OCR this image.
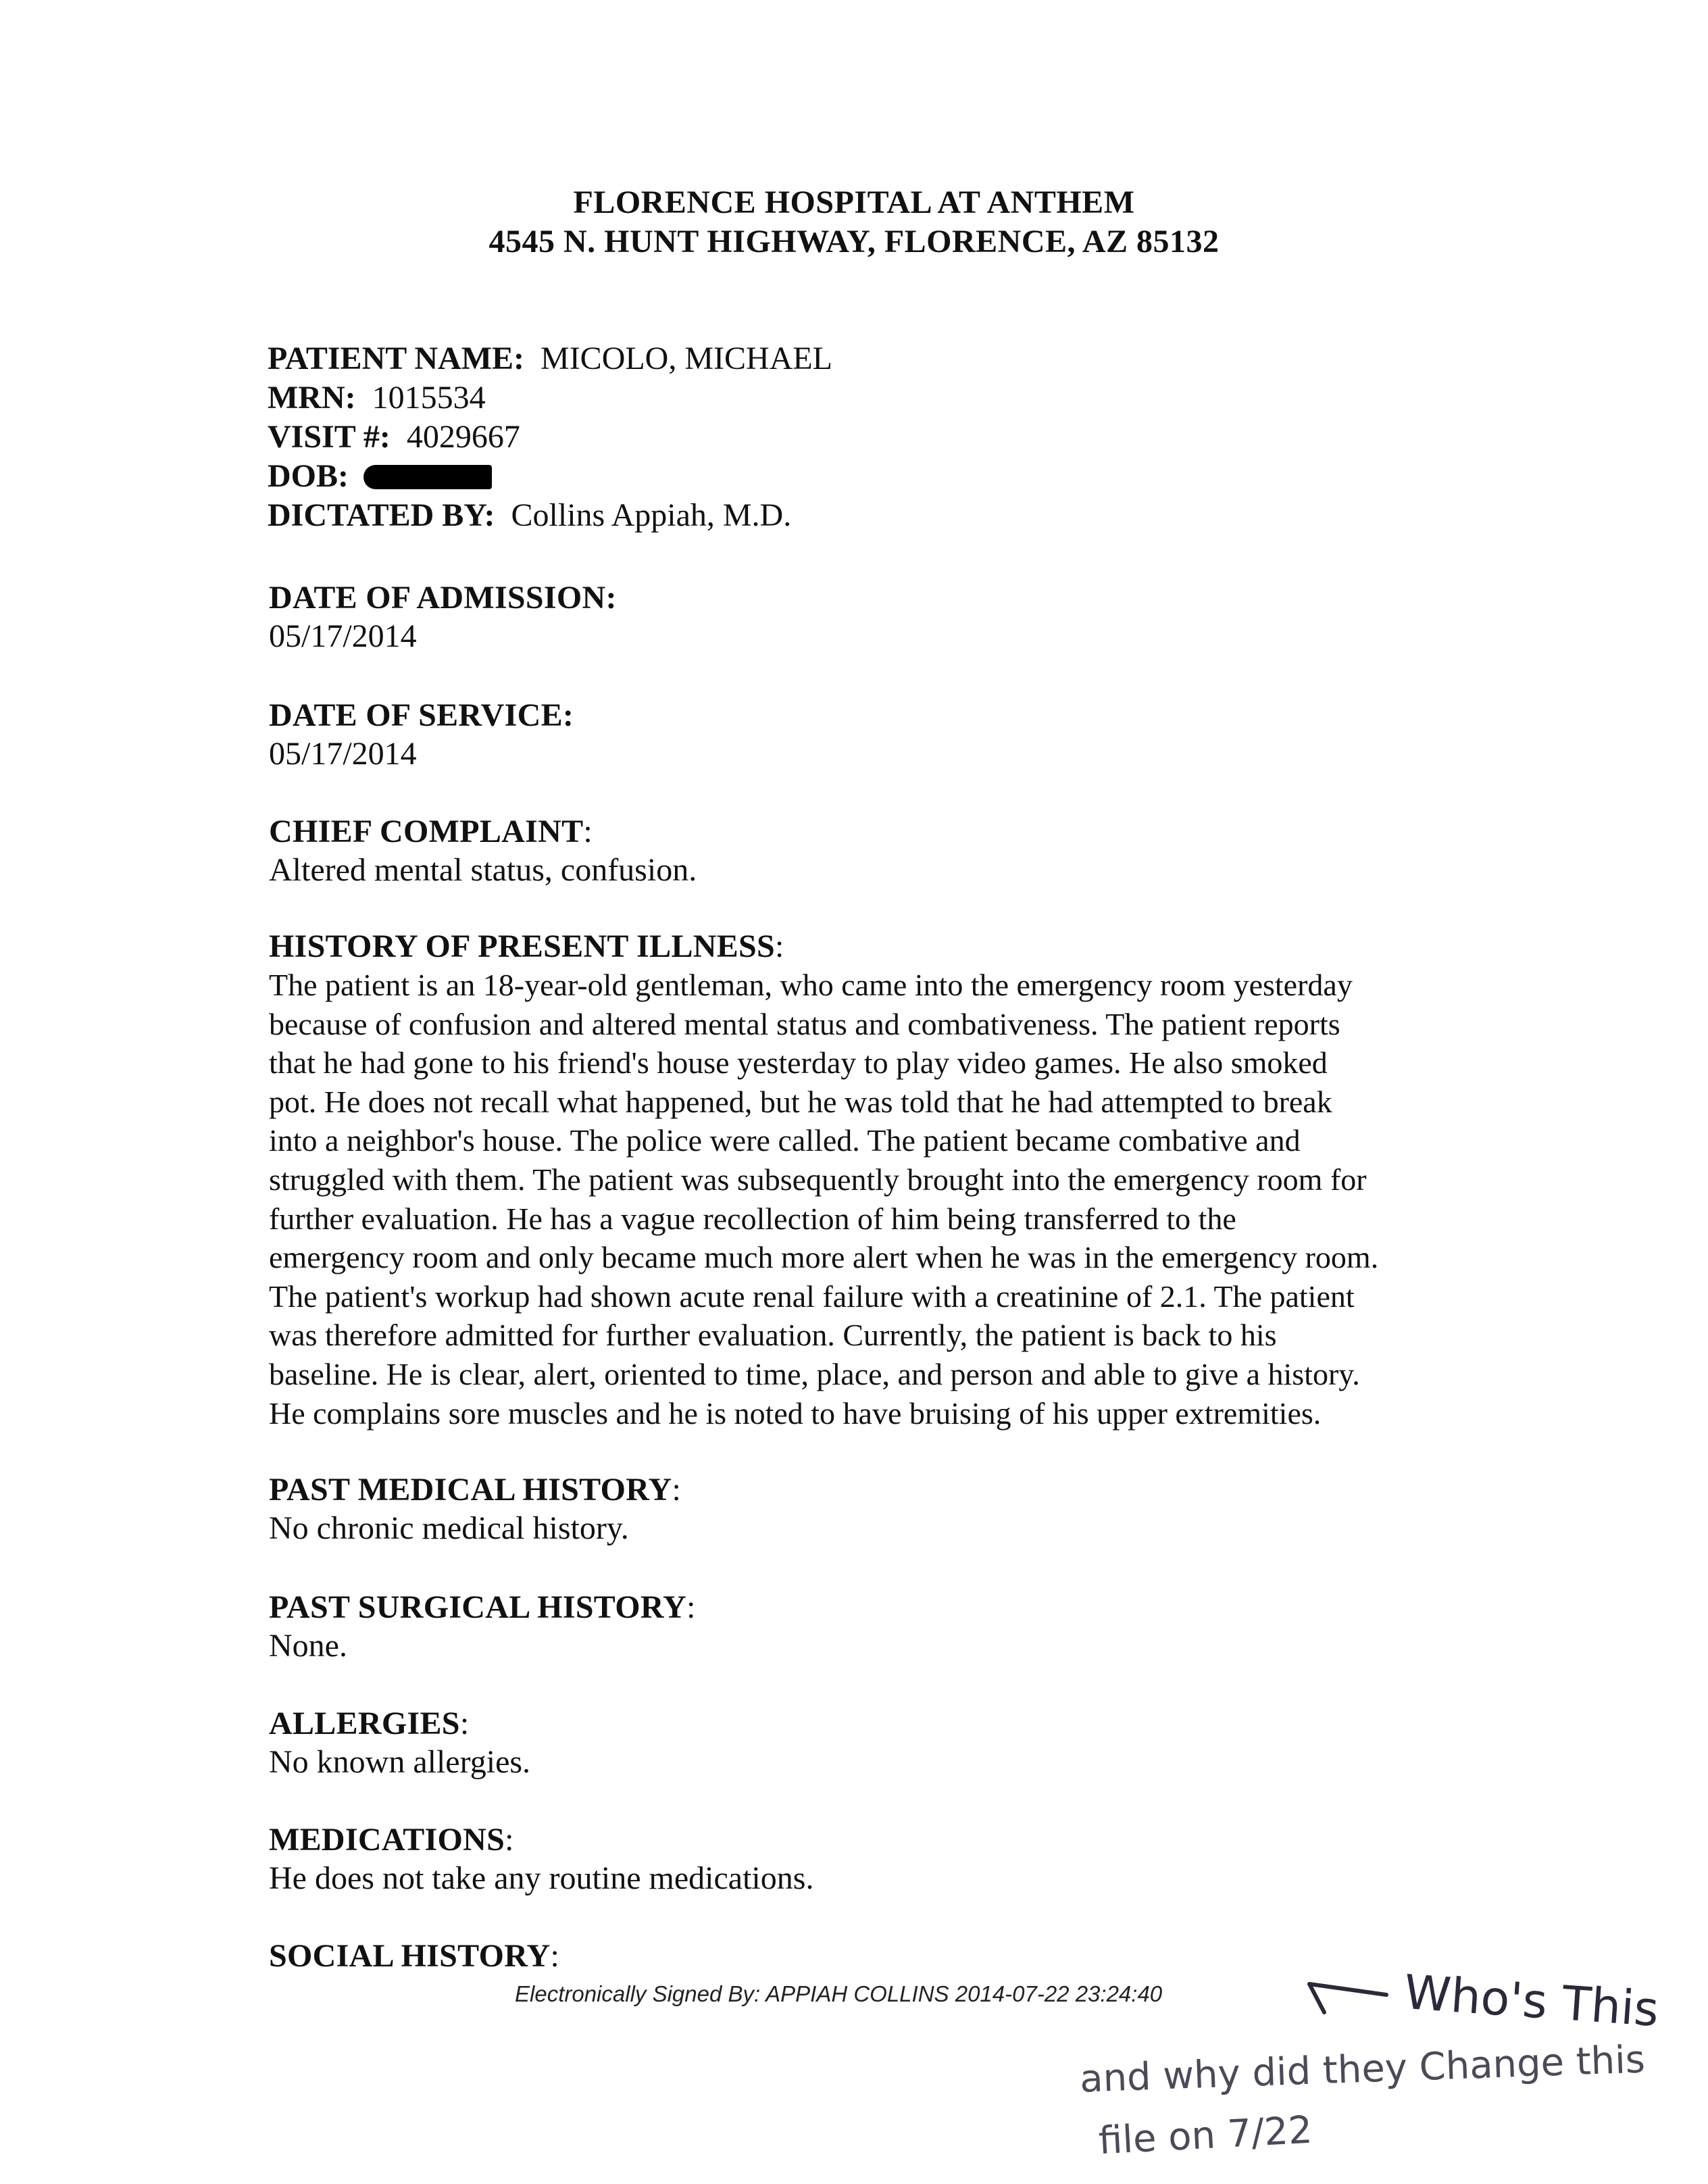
FLORENCE HOSPITAL AT ANTHEM
4545 N. HUNT HIGHWAY, FLORENCE, AZ 85132
PATIENT NAME: MICOLO, MICHAEL
MRN: 1015534
VISIT #: 4029667
DOB:
DICTATED BY: Collins Appiah, M.D.
DATE OF ADMISSION:
05/17/2014
DATE OF SERVICE:
05/17/2014
CHIEF COMPLAINT:
Altered mental status, confusion.
HISTORY OF PRESENT ILLNESS:
The patient is an 18-year-old gentleman, who came into the emergency room yesterday
because of confusion and altered mental status and combativeness. The patient reports
that he had gone to his friend's house yesterday to play video games. He also smoked
pot. He does not recall what happened, but he was told that he had attempted to break
into a neighbor's house. The police were called. The patient became combative and
struggled with them. The patient was subsequently brought into the emergency room for
further evaluation. He has a vague recollection of him being transferred to the
emergency room and only became much more alert when he was in the emergency room.
The patient's workup had shown acute renal failure with a creatinine of 2.1. The patient
was therefore admitted for further evaluation. Currently, the patient is back to his
baseline. He is clear, alert, oriented to time, place, and person and able to give a history.
He complains sore muscles and he is noted to have bruising of his upper extremities.
PAST MEDICAL HISTORY:
No chronic medical history.
PAST SURGICAL HISTORY:
None.
ALLERGIES:
No known allergies.
MEDICATIONS:
He does not take any routine medications.
SOCIAL HISTORY:
Electronically Signed By: APPIAH COLLINS 2014-07-22 23:24:40	Who's This
and why did they Change this
file on 7/22
